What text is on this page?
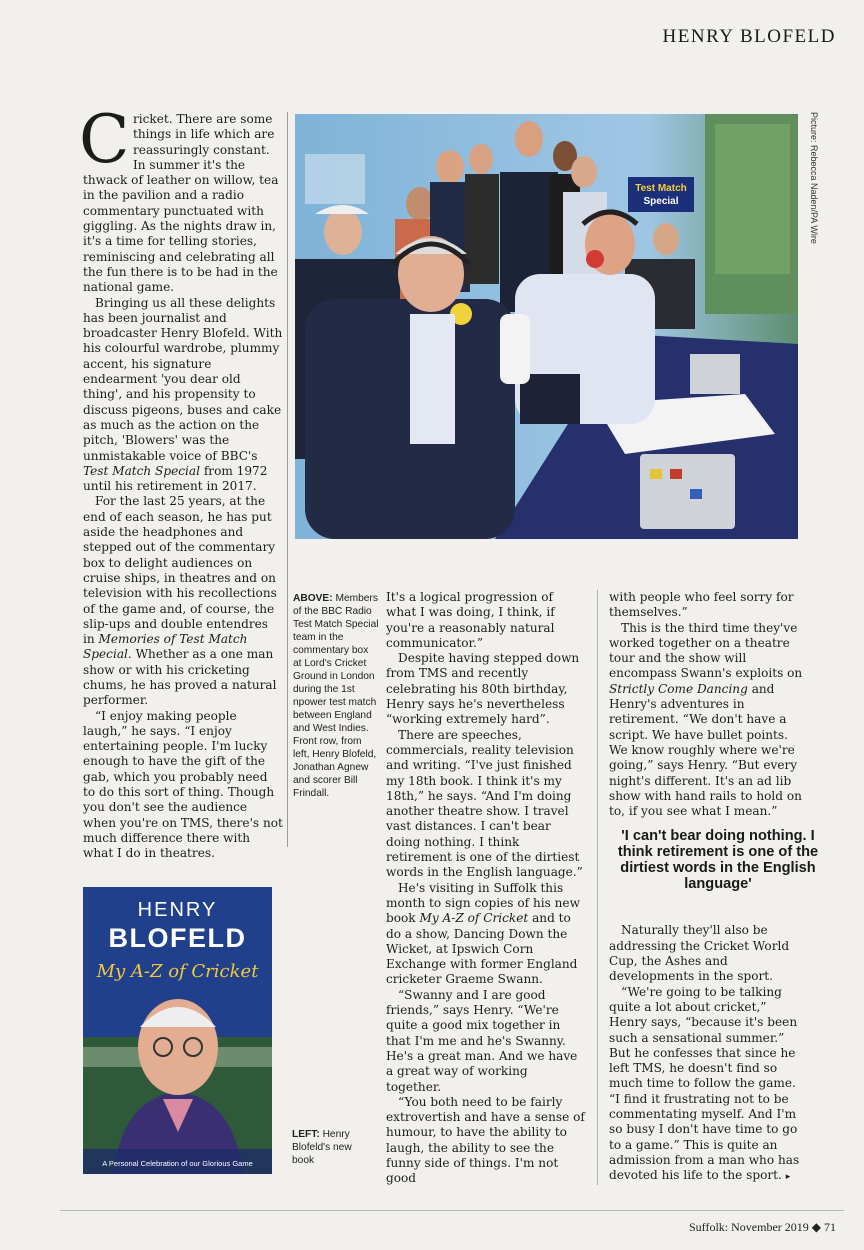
HENRY BLOFELD

Cricket. There are some things in life which are reassuringly constant. In summer it's the thwack of leather on willow, tea in the pavilion and a radio commentary punctuated with giggling. As the nights draw in, it's a time for telling stories, reminiscing and celebrating all the fun there is to be had in the national game.

Bringing us all these delights has been journalist and broadcaster Henry Blofeld. With his colourful wardrobe, plummy accent, his signature endearment 'you dear old thing', and his propensity to discuss pigeons, buses and cake as much as the action on the pitch, 'Blowers' was the unmistakable voice of BBC's Test Match Special from 1972 until his retirement in 2017.

For the last 25 years, at the end of each season, he has put aside the headphones and stepped out of the commentary box to delight audiences on cruise ships, in theatres and on television with his recollections of the game and, of course, the slip-ups and double entendres in Memories of Test Match Special. Whether as a one man show or with his cricketing chums, he has proved a natural performer.

“I enjoy making people laugh,” he says. “I enjoy entertaining people. I'm lucky enough to have the gift of the gab, which you probably need to do this sort of thing. Though you don't see the audience when you're on TMS, there's not much difference there with what I do in theatres.

Test Match
Special	Picture: Rebecca Naden/PA Wire
ABOVE: Members of the BBC Radio Test Match Special team in the commentary box at Lord's Cricket Ground in London during the 1st npower test match between England and West Indies. Front row, from left, Henry Blofeld, Jonathan Agnew and scorer Bill Frindall.

It's a logical progression of what I was doing, I think, if you're a reasonably natural communicator.”

Despite having stepped down from TMS and recently celebrating his 80th birthday, Henry says he's nevertheless “working extremely hard”.

There are speeches, commercials, reality television and writing. “I've just finished my 18th book. I think it's my 18th,” he says. “And I'm doing another theatre show. I travel vast distances. I can't bear doing nothing. I think retirement is one of the dirtiest words in the English language.”

He's visiting in Suffolk this month to sign copies of his new book My A-Z of Cricket and to do a show, Dancing Down the Wicket, at Ipswich Corn Exchange with former England cricketer Graeme Swann.

“Swanny and I are good friends,” says Henry. “We're quite a good mix together in that I'm me and he's Swanny. He's a great man. And we have a great way of working together.

“You both need to be fairly extrovertish and have a sense of humour, to have the ability to laugh, the ability to see the funny side of things. I'm not good

with people who feel sorry for themselves.”

This is the third time they've worked together on a theatre tour and the show will encompass Swann's exploits on Strictly Come Dancing and Henry's adventures in retirement. “We don't have a script. We have bullet points. We know roughly where we're going,” says Henry. “But every night's different. It's an ad lib show with hand rails to hold on to, if you see what I mean.”

Naturally they'll also be addressing the Cricket World Cup, the Ashes and developments in the sport.

“We're going to be talking quite a lot about cricket,” Henry says, “because it's been such a sensational summer.” But he confesses that since he left TMS, he doesn't find so much time to follow the game. “I find it frustrating not to be commentating myself. And I'm so busy I don't have time to go to a game.” This is quite an admission from a man who has devoted his life to the sport. ▸

'I can't bear doing nothing. I think retirement is one of the dirtiest words in the English language'
HENRY
BLOFELD
My A-Z of Cricket
A Personal Celebration of our Glorious Game
LEFT: Henry Blofeld's new book
Suffolk: November 2019 ◆ 71
